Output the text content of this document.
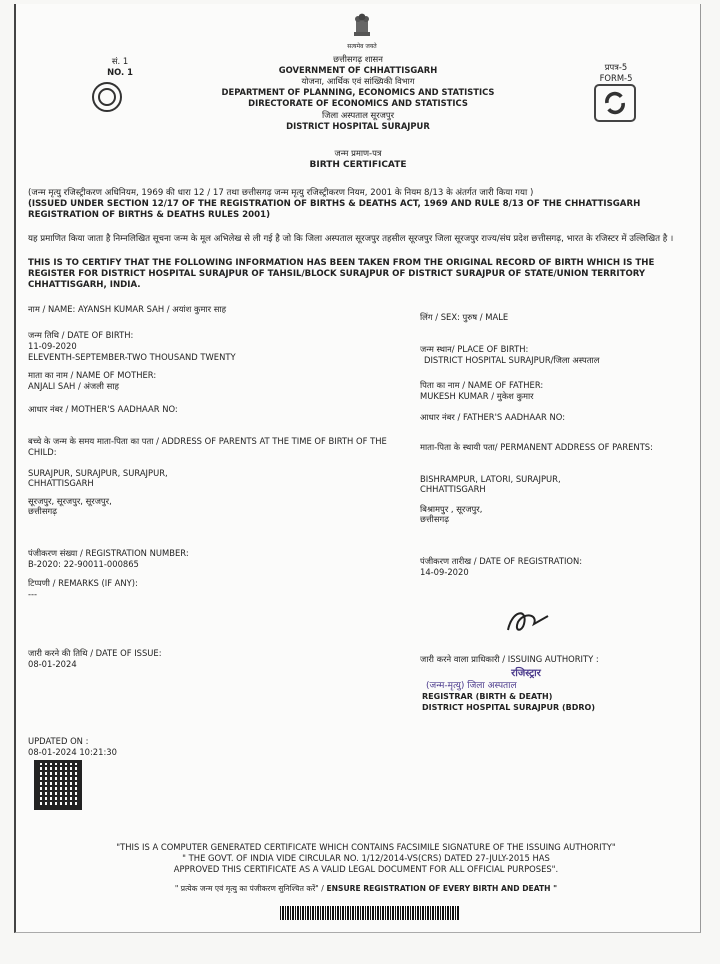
सत्यमेव जयते
सं. 1
NO. 1	प्रपत्र-5
FORM-5
छत्तीसगढ़ शासन
GOVERNMENT OF CHHATTISGARH
योजना, आर्थिक एवं सांख्यिकी विभाग
DEPARTMENT OF PLANNING, ECONOMICS AND STATISTICS
DIRECTORATE OF ECONOMICS AND STATISTICS
जिला अस्पताल सूरजपुर
DISTRICT HOSPITAL SURAJPUR
जन्म प्रमाण-पत्र
BIRTH CERTIFICATE
(जन्म मृत्यु रजिस्ट्रीकरण अधिनियम, 1969 की धारा 12 / 17 तथा छत्तीसगढ़ जन्म मृत्यु रजिस्ट्रीकरण नियम, 2001 के नियम 8/13 के अंतर्गत जारी किया गया )
(ISSUED UNDER SECTION 12/17 OF THE REGISTRATION OF BIRTHS & DEATHS ACT, 1969 AND RULE 8/13 OF THE CHHATTISGARH REGISTRATION OF BIRTHS & DEATHS RULES 2001)
यह प्रमाणित किया जाता है निम्नलिखित सूचना जन्म के मूल अभिलेख से ली गई है जो कि जिला अस्पताल सूरजपुर तहसील सूरजपुर जिला सूरजपुर राज्य/संघ प्रदेश छत्तीसगढ़, भारत के रजिस्टर में उल्लिखित है ।
THIS IS TO CERTIFY THAT THE FOLLOWING INFORMATION HAS BEEN TAKEN FROM THE ORIGINAL RECORD OF BIRTH WHICH IS THE REGISTER FOR DISTRICT HOSPITAL SURAJPUR OF TAHSIL/BLOCK SURAJPUR OF DISTRICT SURAJPUR OF STATE/UNION TERRITORY CHHATTISGARH, INDIA.
नाम / NAME: AYANSH KUMAR SAH / अयांश कुमार साह
जन्म तिथि / DATE OF BIRTH:
11-09-2020
ELEVENTH-SEPTEMBER-TWO THOUSAND TWENTY
माता का नाम / NAME OF MOTHER:
ANJALI SAH / अंजली साह
आधार नंबर / MOTHER'S AADHAAR NO:
बच्चे के जन्म के समय माता-पिता का पता / ADDRESS OF PARENTS AT THE TIME OF BIRTH OF THE CHILD:
SURAJPUR, SURAJPUR, SURAJPUR,
CHHATTISGARH
सूरजपुर, सूरजपुर, सूरजपुर,
छत्तीसगढ़
पंजीकरण संख्या / REGISTRATION NUMBER:
B-2020: 22-90011-000865
टिप्पणी / REMARKS (IF ANY):
---
जारी करने की तिथि / DATE OF ISSUE:
08-01-2024
UPDATED ON :
08-01-2024 10:21:30
लिंग / SEX: पुरुष / MALE
जन्म स्थान/ PLACE OF BIRTH:
DISTRICT HOSPITAL SURAJPUR/जिला अस्पताल
पिता का नाम / NAME OF FATHER:
MUKESH KUMAR / मुकेश कुमार
आधार नंबर / FATHER'S AADHAAR NO:
माता-पिता के स्थायी पता/ PERMANENT ADDRESS OF PARENTS:
BISHRAMPUR, LATORI, SURAJPUR,
CHHATTISGARH
बिश्रामपुर , सूरजपुर,
छत्तीसगढ़
पंजीकरण तारीख / DATE OF REGISTRATION:
14-09-2020
जारी करने वाला प्राधिकारी / ISSUING AUTHORITY :
रजिस्ट्रार
(जन्म-मृत्यु) जिला अस्पताल
REGISTRAR (BIRTH & DEATH)
DISTRICT HOSPITAL SURAJPUR (BDRO)
"THIS IS A COMPUTER GENERATED CERTIFICATE WHICH CONTAINS FACSIMILE SIGNATURE OF THE ISSUING AUTHORITY"
" THE GOVT. OF INDIA VIDE CIRCULAR NO. 1/12/2014-VS(CRS) DATED 27-JULY-2015 HAS
APPROVED THIS CERTIFICATE AS A VALID LEGAL DOCUMENT FOR ALL OFFICIAL PURPOSES".
" प्रत्येक जन्म एवं मृत्यु का पंजीकरण सुनिश्चित करें" / ENSURE REGISTRATION OF EVERY BIRTH AND DEATH "
